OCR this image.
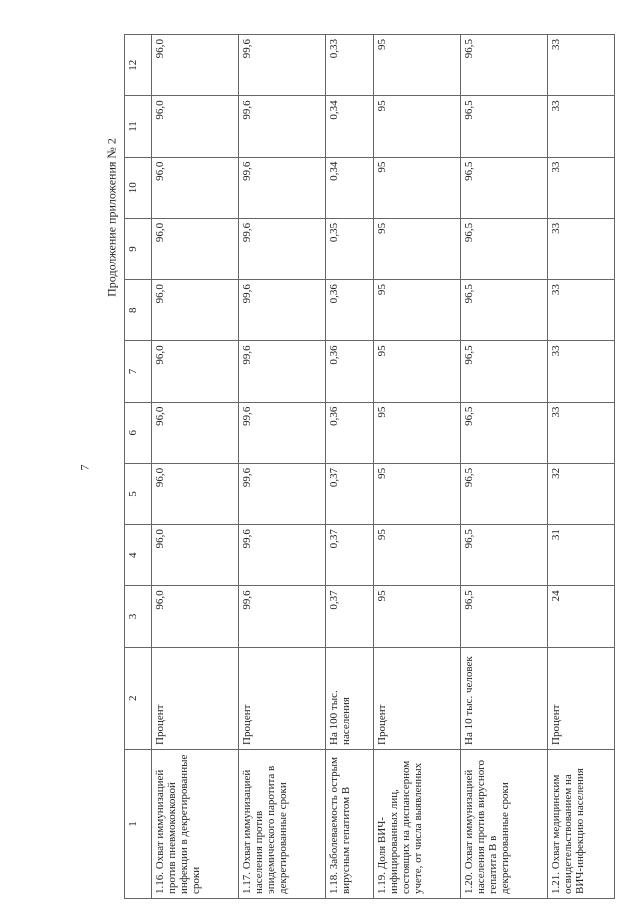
7
Продолжение приложения № 2
1	2	3	4	5	6	7	8	9	10	11	12
1.16. Охват иммунизацией против пневмококковой инфекции в декретированные сроки	Процент	96,0	96,0	96,0	96,0	96,0	96,0	96,0	96,0	96,0	96,0
1.17. Охват иммунизацией населения против эпидемического паротита в декретированные сроки	Процент	99,6	99,6	99,6	99,6	99,6	99,6	99,6	99,6	99,6	99,6
1.18. Заболеваемость острым вирусным гепатитом В	На 100 тыс. населения	0,37	0,37	0,37	0,36	0,36	0,36	0,35	0,34	0,34	0,33
1.19. Доля ВИЧ-инфицированных лиц, состоящих на диспансерном учете, от числа выявленных	Процент	95	95	95	95	95	95	95	95	95	95
1.20. Охват иммунизацией населения против вирусного гепатита В в декретированные сроки	На 10 тыс. человек	96,5	96,5	96,5	96,5	96,5	96,5	96,5	96,5	96,5	96,5
1.21. Охват медицинским освидетельствованием на ВИЧ-инфекцию населения	Процент	24	31	32	33	33	33	33	33	33	33
